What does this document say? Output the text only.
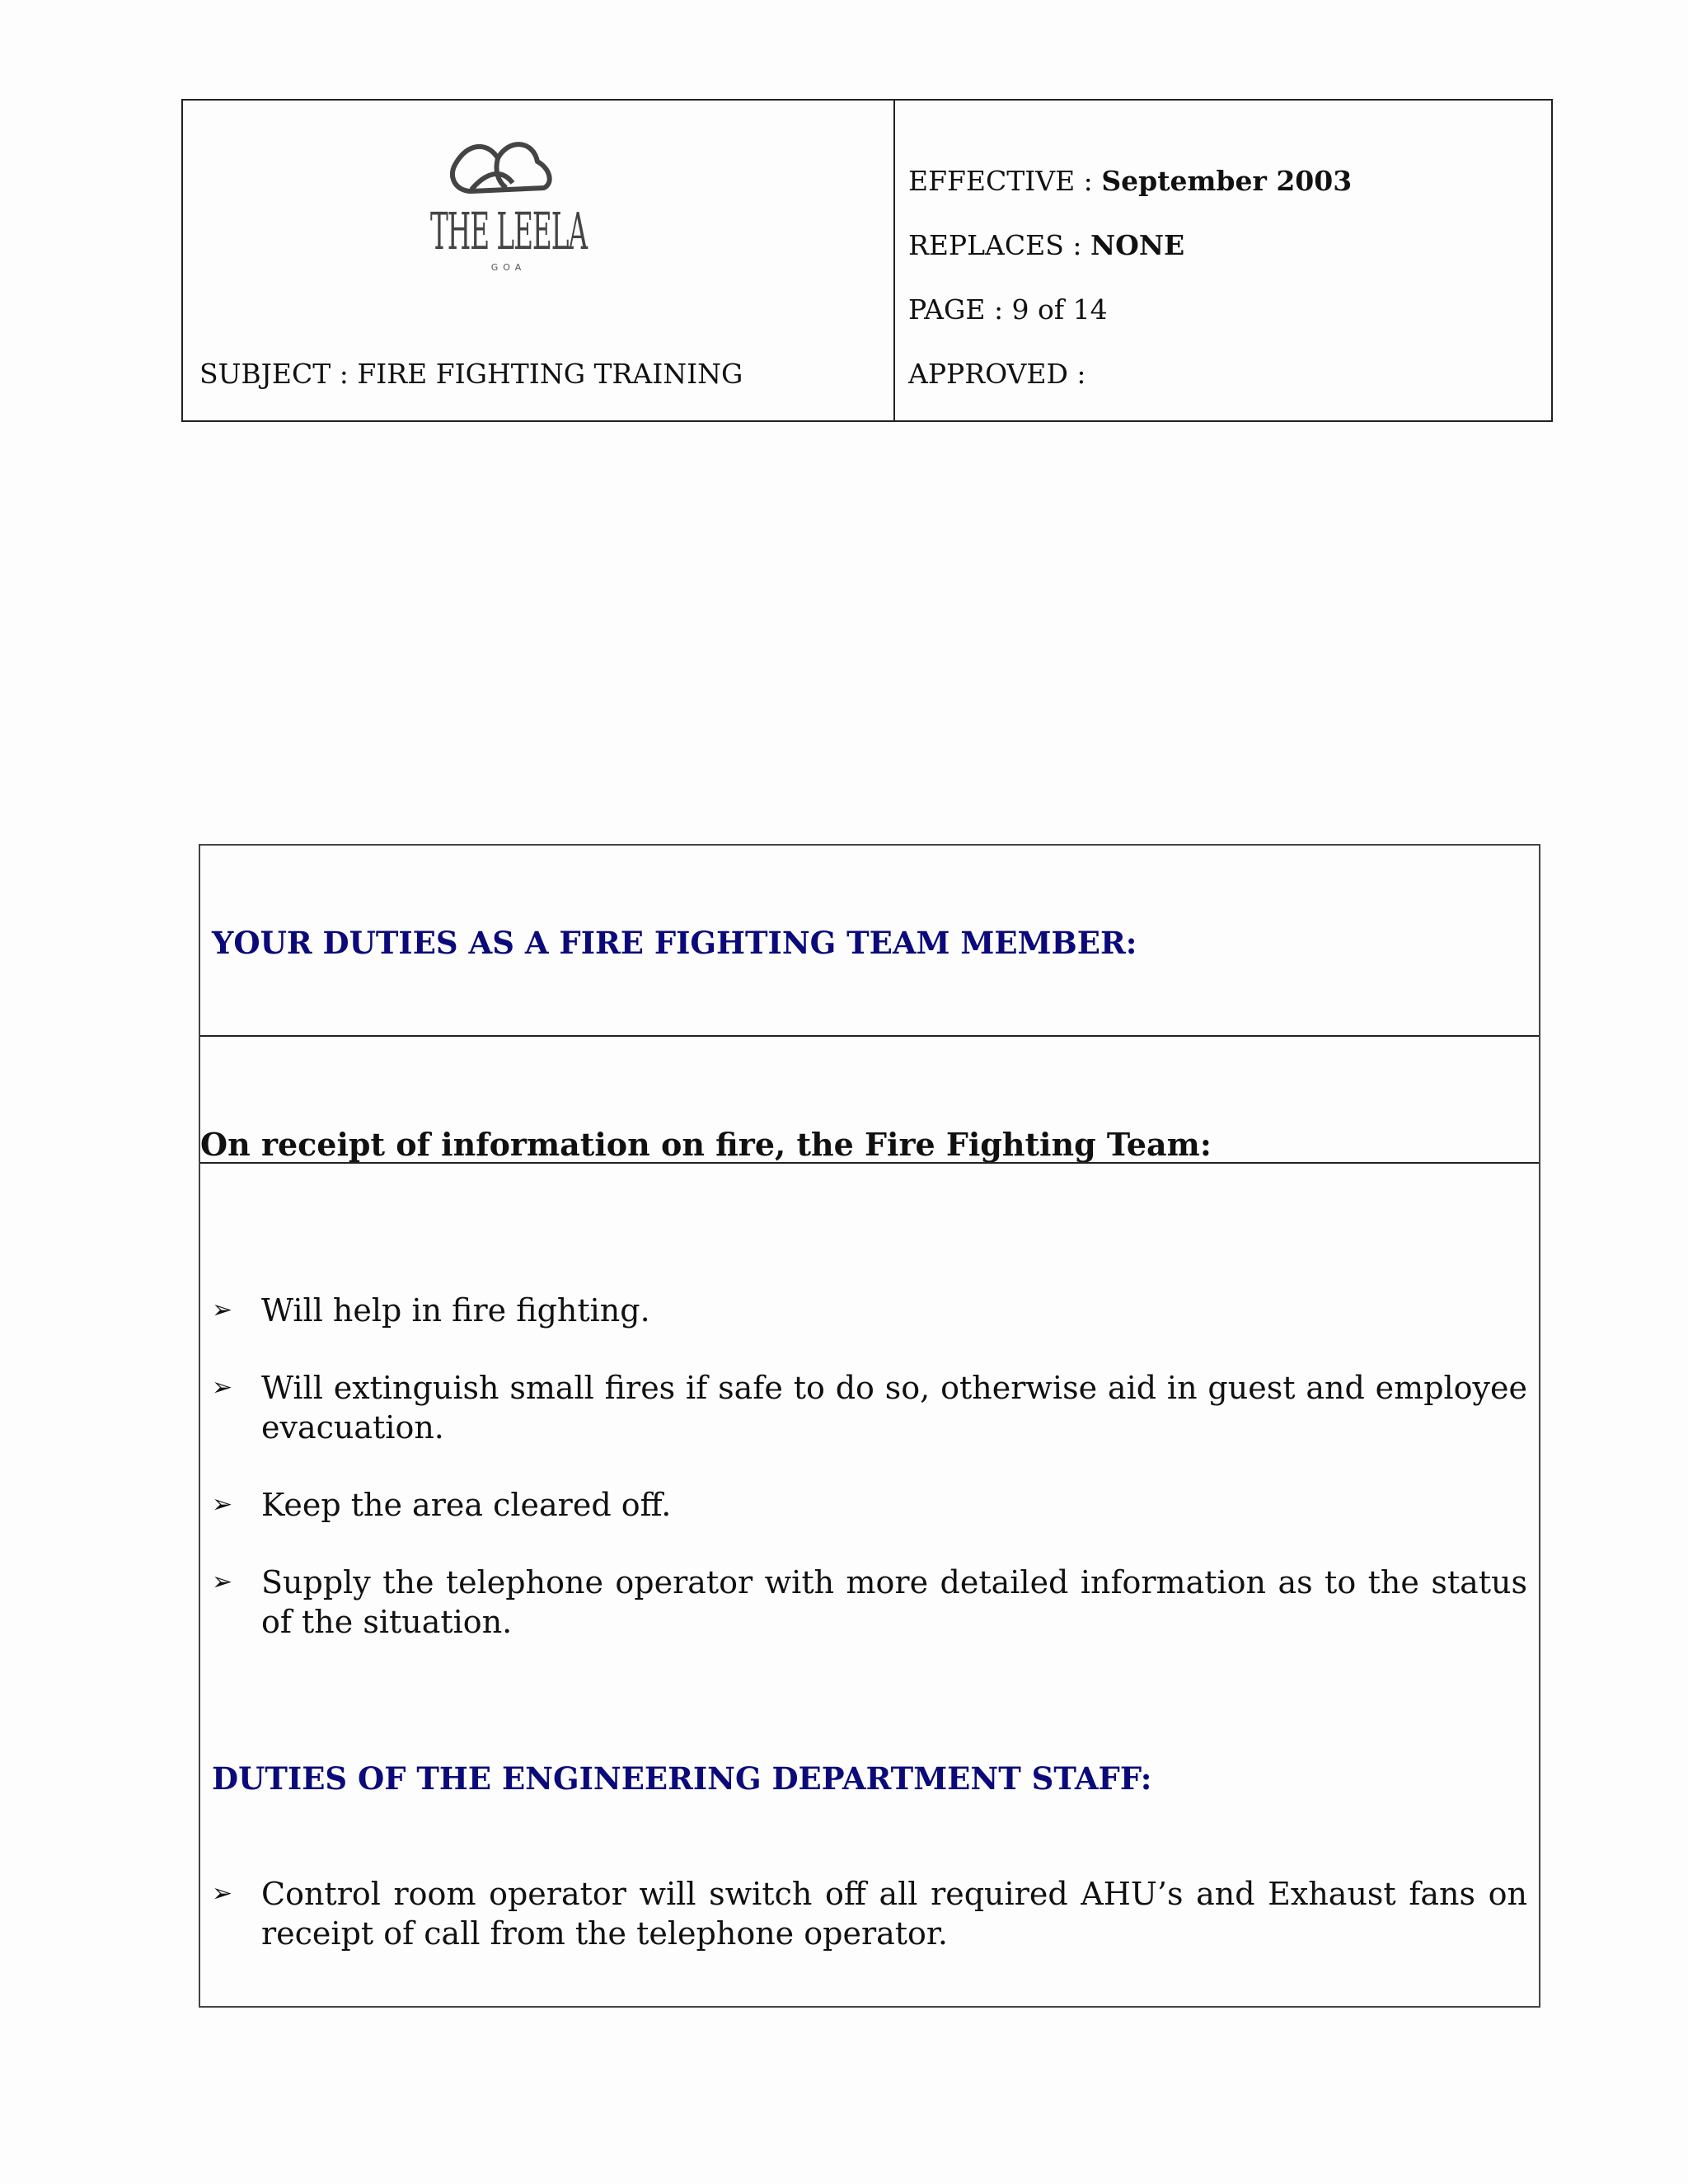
THE LEELA
GOA
SUBJECT : FIRE FIGHTING TRAINING
EFFECTIVE : September 2003
REPLACES : NONE
PAGE : 9 of 14
APPROVED :
YOUR DUTIES AS A FIRE FIGHTING TEAM MEMBER:
On receipt of information on fire, the Fire Fighting Team:
➢ Will help in fire fighting.
➢ Will extinguish small fires if safe to do so, otherwise aid in guest and employee evacuation.
➢ Keep the area cleared off.
➢ Supply the telephone operator with more detailed information as to the status of the situation.
DUTIES OF THE ENGINEERING DEPARTMENT STAFF:
➢ Control room operator will switch off all required AHU’s and Exhaust fans on receipt of call from the telephone operator.
